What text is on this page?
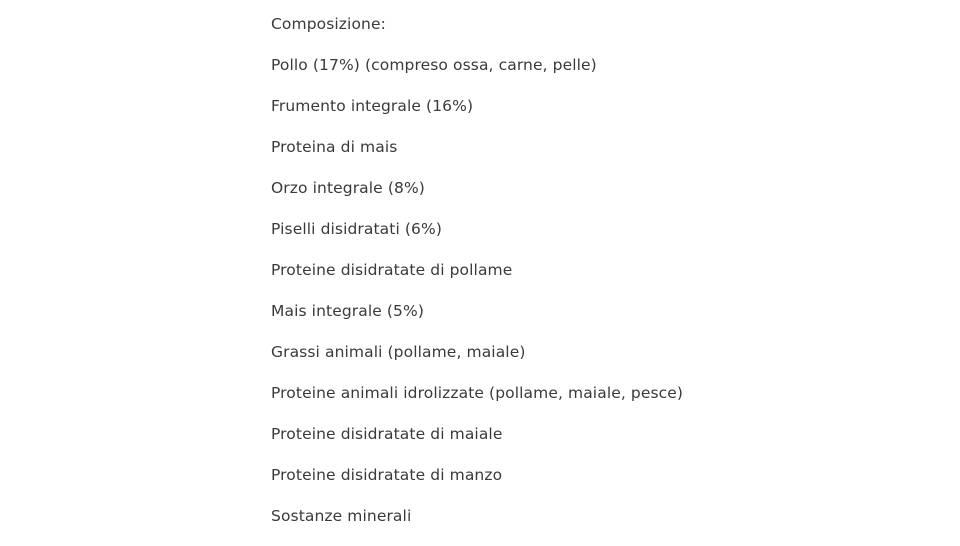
Composizione:

Pollo (17%) (compreso ossa, carne, pelle)

Frumento integrale (16%)

Proteina di mais

Orzo integrale (8%)

Piselli disidratati (6%)

Proteine disidratate di pollame

Mais integrale (5%)

Grassi animali (pollame, maiale)

Proteine animali idrolizzate (pollame, maiale, pesce)

Proteine disidratate di maiale

Proteine disidratate di manzo

Sostanze minerali
